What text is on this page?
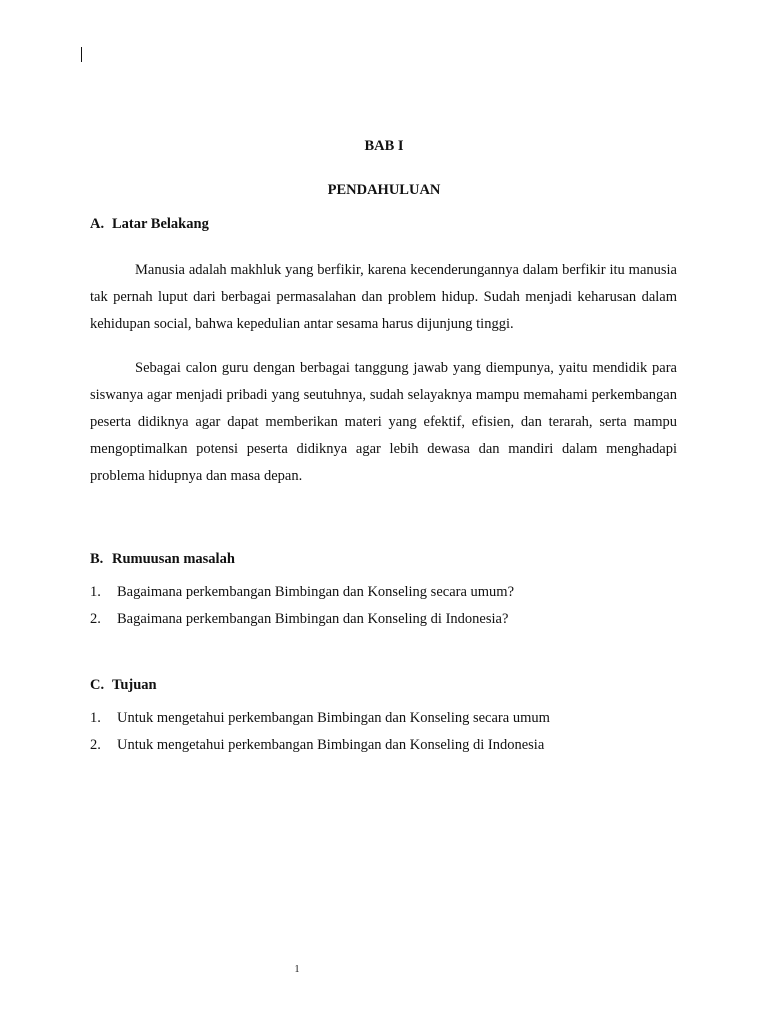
BAB I
PENDAHULUAN
A. Latar Belakang

Manusia adalah makhluk yang berfikir, karena kecenderungannya dalam berfikir itu manusia tak pernah luput dari berbagai permasalahan dan problem hidup. Sudah menjadi keharusan dalam kehidupan social, bahwa kepedulian antar sesama harus dijunjung tinggi.

Sebagai calon guru dengan berbagai tanggung jawab yang diempunya, yaitu mendidik para siswanya agar menjadi pribadi yang seutuhnya, sudah selayaknya mampu memahami perkembangan peserta didiknya agar dapat memberikan materi yang efektif, efisien, dan terarah, serta mampu mengoptimalkan potensi peserta didiknya agar lebih dewasa dan mandiri dalam menghadapi problema hidupnya dan masa depan.

B. Rumuusan masalah
1. Bagaimana perkembangan Bimbingan dan Konseling secara umum?
2. Bagaimana perkembangan Bimbingan dan Konseling di Indonesia?
C. Tujuan
1. Untuk mengetahui perkembangan Bimbingan dan Konseling secara umum
2. Untuk mengetahui perkembangan Bimbingan dan Konseling di Indonesia
1
